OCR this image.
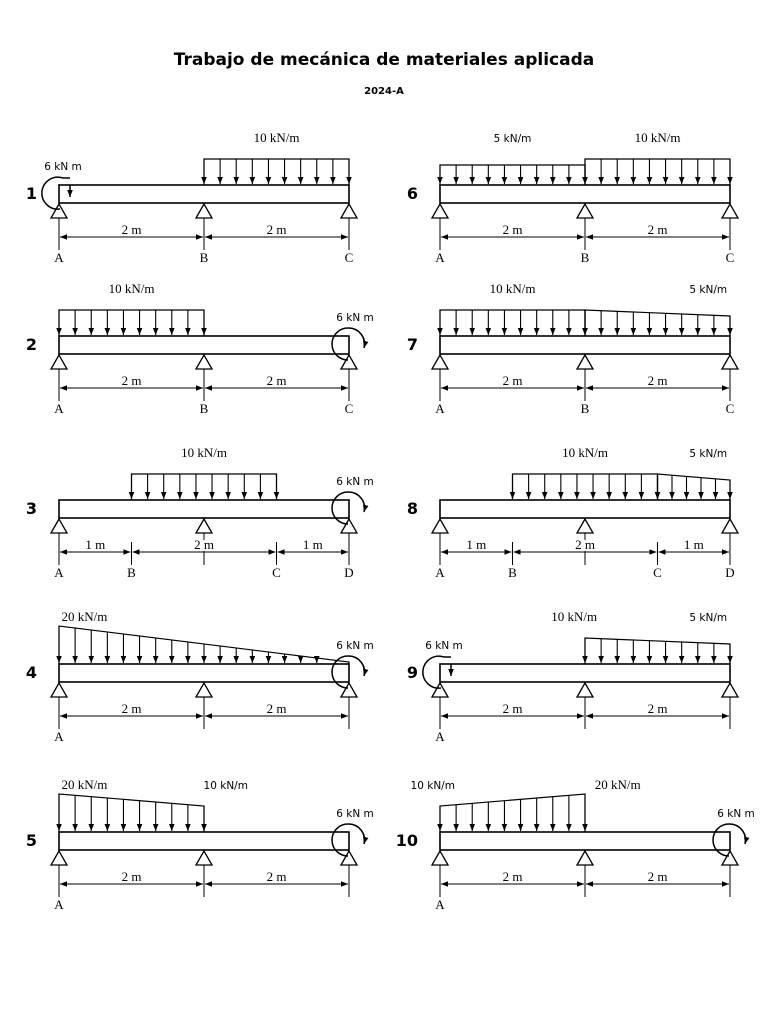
Trabajo de mecánica de materiales aplicada
2024-A
1
10 kN/m
2 m	2 m
A	B	C
6 kN m
2
10 kN/m
2 m	2 m
A	B	C
6 kN m
3
10 kN/m
1 m	2 m	1 m
A	B	C	D
6 kN m
4
20 kN/m
2 m	2 m
A
6 kN m
5
20 kN/m	10 kN/m
2 m	2 m
A
6 kN m
6
5 kN/m	10 kN/m
2 m	2 m
A	B	C
7
10 kN/m	5 kN/m
2 m	2 m
A	B	C
8
10 kN/m	5 kN/m
1 m	2 m	1 m
A	B	C	D
9
10 kN/m	5 kN/m
2 m	2 m
A
6 kN m
10
10 kN/m	20 kN/m
2 m	2 m
A
6 kN m
